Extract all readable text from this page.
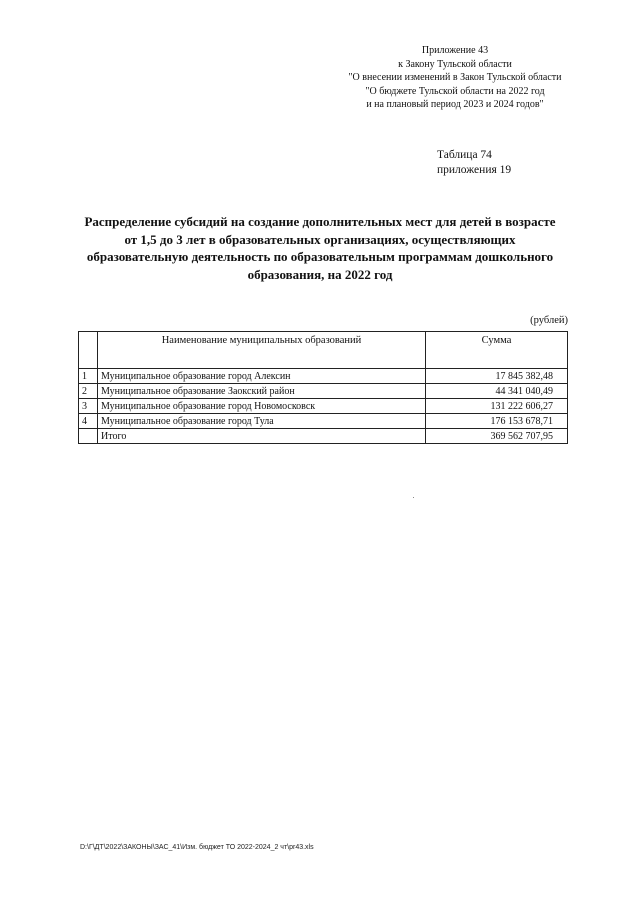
Приложение 43
к Закону Тульской области
"О внесении изменений в Закон Тульской области
"О бюджете Тульской области на 2022 год
и на плановый период 2023 и 2024 годов"
Таблица 74
приложения 19
Распределение субсидий на создание дополнительных мест для детей в возрасте
от 1,5 до 3 лет в образовательных организациях, осуществляющих
образовательную деятельность по образовательным программам дошкольного
образования, на 2022 год
(рублей)
	Наименование муниципальных образований	Сумма
1	Муниципальное образование город Алексин	17 845 382,48
2	Муниципальное образование Заокский район	44 341 040,49
3	Муниципальное образование город Новомосковск	131 222 606,27
4	Муниципальное образование город Тула	176 153 678,71
	Итого	369 562 707,95
D:\Г\ДТ\2022\ЗАКОНЫ\ЗАС_41\Изм. бюджет ТО 2022-2024_2 чт\pr43.xls
